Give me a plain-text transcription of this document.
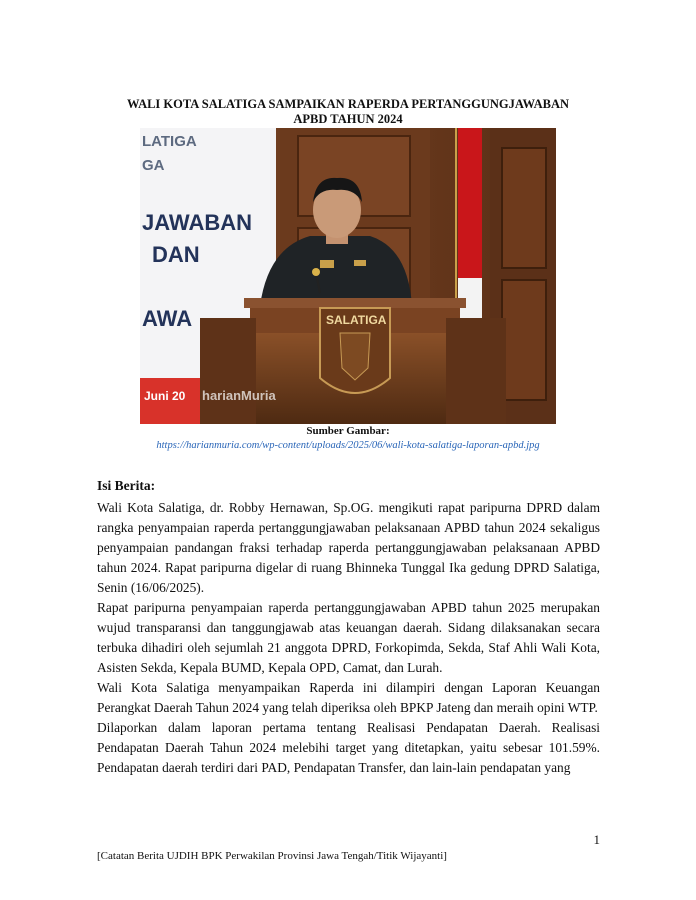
WALI KOTA SALATIGA SAMPAIKAN RAPERDA PERTANGGUNGJAWABAN
APBD TAHUN 2024
LATIGA
GA
JAWABAN
DAN
AWA	SALATIGA
Juni 20 harianMuria
Sumber Gambar:
https://harianmuria.com/wp-content/uploads/2025/06/wali-kota-salatiga-laporan-apbd.jpg
Isi Berita:

Wali Kota Salatiga, dr. Robby Hernawan, Sp.OG. mengikuti rapat paripurna DPRD dalam rangka penyampaian raperda pertanggungjawaban pelaksanaan APBD tahun 2024 sekaligus penyampaian pandangan fraksi terhadap raperda pertanggungjawaban pelaksanaan APBD tahun 2024. Rapat paripurna digelar di ruang Bhinneka Tunggal Ika gedung DPRD Salatiga, Senin (16/06/2025).

Rapat paripurna penyampaian raperda pertanggungjawaban APBD tahun 2025 merupakan wujud transparansi dan tanggungjawab atas keuangan daerah. Sidang dilaksanakan secara terbuka dihadiri oleh sejumlah 21 anggota DPRD, Forkopimda, Sekda, Staf Ahli Wali Kota, Asisten Sekda, Kepala BUMD, Kepala OPD, Camat, dan Lurah.

Wali Kota Salatiga menyampaikan Raperda ini dilampiri dengan Laporan Keuangan Perangkat Daerah Tahun 2024 yang telah diperiksa oleh BPKP Jateng dan meraih opini WTP.

Dilaporkan dalam laporan pertama tentang Realisasi Pendapatan Daerah. Realisasi Pendapatan Daerah Tahun 2024 melebihi target yang ditetapkan, yaitu sebesar 101.59%. Pendapatan daerah terdiri dari PAD, Pendapatan Transfer, dan lain-lain pendapatan yang

1
[Catatan Berita UJDIH BPK Perwakilan Provinsi Jawa Tengah/Titik Wijayanti]
